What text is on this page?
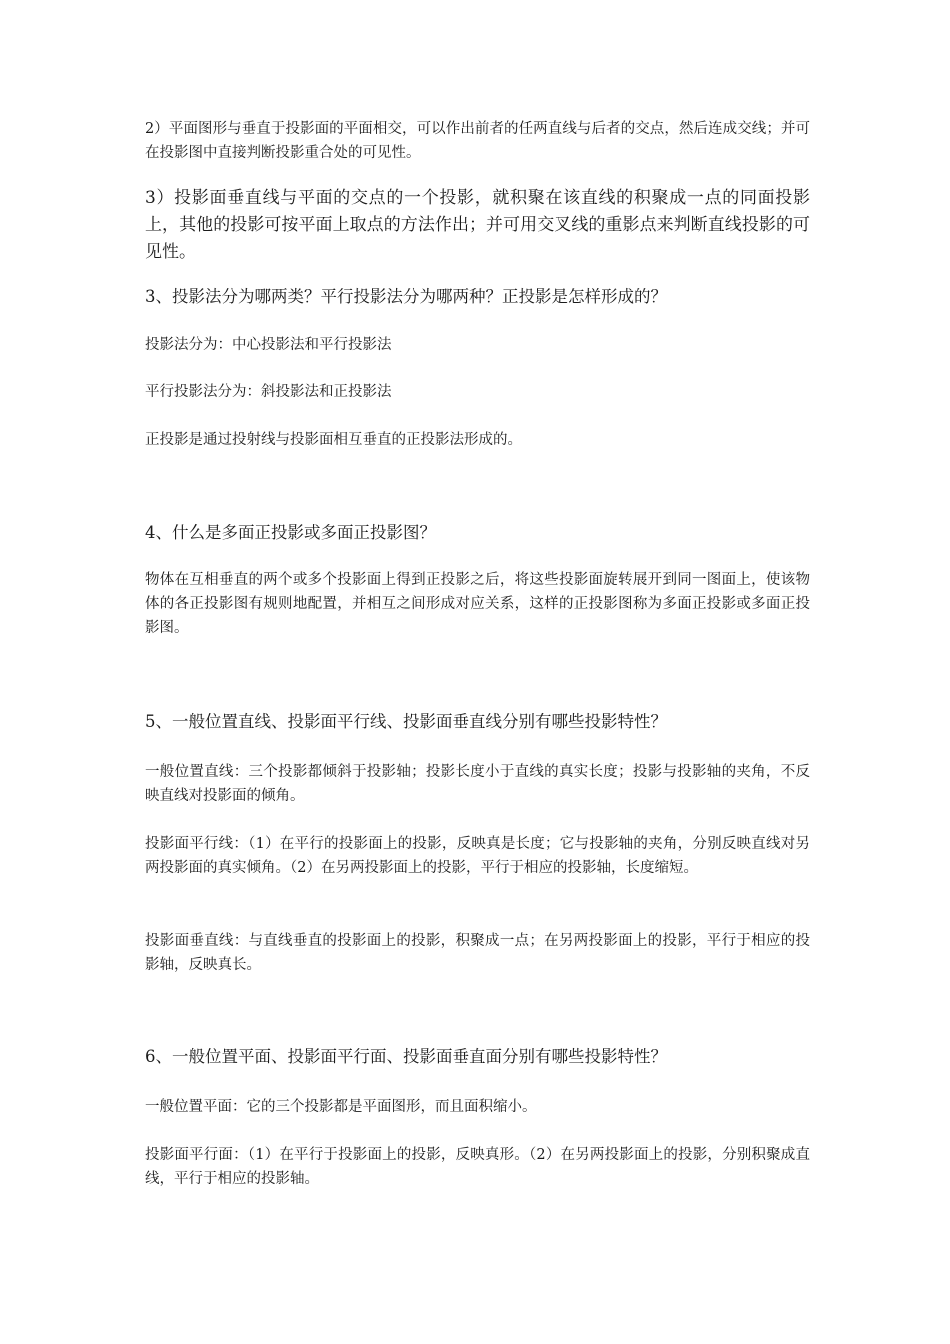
2）平面图形与垂直于投影面的平面相交，可以作出前者的任两直线与后者的交点，然后连成交线；并可在投影图中直接判断投影重合处的可见性。

3）投影面垂直线与平面的交点的一个投影，就积聚在该直线的积聚成一点的同面投影上，其他的投影可按平面上取点的方法作出；并可用交叉线的重影点来判断直线投影的可见性。

3、投影法分为哪两类？平行投影法分为哪两种？正投影是怎样形成的？

投影法分为：中心投影法和平行投影法

平行投影法分为：斜投影法和正投影法

正投影是通过投射线与投影面相互垂直的正投影法形成的。

4、什么是多面正投影或多面正投影图？

物体在互相垂直的两个或多个投影面上得到正投影之后，将这些投影面旋转展开到同一图面上，使该物体的各正投影图有规则地配置，并相互之间形成对应关系，这样的正投影图称为多面正投影或多面正投影图。

5、一般位置直线、投影面平行线、投影面垂直线分别有哪些投影特性？

一般位置直线：三个投影都倾斜于投影轴；投影长度小于直线的真实长度；投影与投影轴的夹角，不反映直线对投影面的倾角。

投影面平行线：（1）在平行的投影面上的投影，反映真是长度；它与投影轴的夹角，分别反映直线对另两投影面的真实倾角。（2）在另两投影面上的投影，平行于相应的投影轴，长度缩短。

投影面垂直线：与直线垂直的投影面上的投影，积聚成一点；在另两投影面上的投影，平行于相应的投影轴，反映真长。

6、一般位置平面、投影面平行面、投影面垂直面分别有哪些投影特性？

一般位置平面：它的三个投影都是平面图形，而且面积缩小。

投影面平行面：（1）在平行于投影面上的投影，反映真形。（2）在另两投影面上的投影，分别积聚成直线，平行于相应的投影轴。
